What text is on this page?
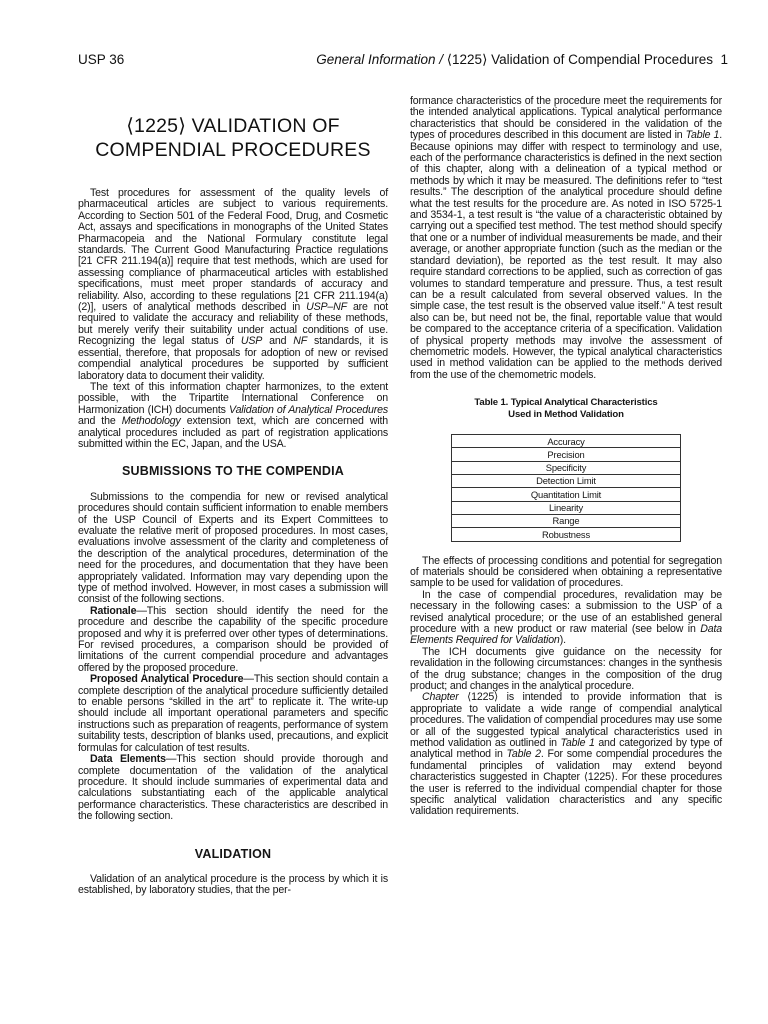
USP 36	General Information / ⟨1225⟩ Validation of Compendial Procedures 1
⟨1225⟩ VALIDATION OF
COMPENDIAL PROCEDURES

Test procedures for assessment of the quality levels of pharmaceutical articles are subject to various requirements. According to Section 501 of the Federal Food, Drug, and Cosmetic Act, assays and specifications in monographs of the United States Pharmacopeia and the National Formulary constitute legal standards. The Current Good Manufacturing Practice regulations [21 CFR 211.194(a)] require that test methods, which are used for assessing compliance of pharmaceutical articles with established specifications, must meet proper standards of accuracy and reliability. Also, according to these regulations [21 CFR 211.194(a)(2)], users of analytical methods described in USP–NF are not required to validate the accuracy and reliability of these methods, but merely verify their suitability under actual conditions of use. Recognizing the legal status of USP and NF standards, it is essential, therefore, that proposals for adoption of new or revised compendial analytical procedures be supported by sufficient laboratory data to document their validity.

The text of this information chapter harmonizes, to the extent possible, with the Tripartite International Conference on Harmonization (ICH) documents Validation of Analytical Procedures and the Methodology extension text, which are concerned with analytical procedures included as part of registration applications submitted within the EC, Japan, and the USA.

SUBMISSIONS TO THE COMPENDIA

Submissions to the compendia for new or revised analytical procedures should contain sufficient information to enable members of the USP Council of Experts and its Expert Committees to evaluate the relative merit of proposed procedures. In most cases, evaluations involve assessment of the clarity and completeness of the description of the analytical procedures, determination of the need for the procedures, and documentation that they have been appropriately validated. Information may vary depending upon the type of method involved. However, in most cases a submission will consist of the following sections.

Rationale—This section should identify the need for the procedure and describe the capability of the specific procedure proposed and why it is preferred over other types of determinations. For revised procedures, a comparison should be provided of limitations of the current compendial procedure and advantages offered by the proposed procedure.

Proposed Analytical Procedure—This section should contain a complete description of the analytical procedure sufficiently detailed to enable persons “skilled in the art” to replicate it. The write-up should include all important operational parameters and specific instructions such as preparation of reagents, performance of system suitability tests, description of blanks used, precautions, and explicit formulas for calculation of test results.

Data Elements—This section should provide thorough and complete documentation of the validation of the analytical procedure. It should include summaries of experimental data and calculations substantiating each of the applicable analytical performance characteristics. These characteristics are described in the following section.

VALIDATION

Validation of an analytical procedure is the process by which it is established, by laboratory studies, that the per-

formance characteristics of the procedure meet the requirements for the intended analytical applications. Typical analytical performance characteristics that should be considered in the validation of the types of procedures described in this document are listed in Table 1. Because opinions may differ with respect to terminology and use, each of the performance characteristics is defined in the next section of this chapter, along with a delineation of a typical method or methods by which it may be measured. The definitions refer to “test results.” The description of the analytical procedure should define what the test results for the procedure are. As noted in ISO 5725-1 and 3534-1, a test result is “the value of a characteristic obtained by carrying out a specified test method. The test method should specify that one or a number of individual measurements be made, and their average, or another appropriate function (such as the median or the standard deviation), be reported as the test result. It may also require standard corrections to be applied, such as correction of gas volumes to standard temperature and pressure. Thus, a test result can be a result calculated from several observed values. In the simple case, the test result is the observed value itself.” A test result also can be, but need not be, the final, reportable value that would be compared to the acceptance criteria of a specification. Validation of physical property methods may involve the assessment of chemometric models. However, the typical analytical characteristics used in method validation can be applied to the methods derived from the use of the chemometric models.

Table 1. Typical Analytical Characteristics
Used in Method Validation
Accuracy
Precision
Specificity
Detection Limit
Quantitation Limit
Linearity
Range
Robustness

The effects of processing conditions and potential for segregation of materials should be considered when obtaining a representative sample to be used for validation of procedures.

In the case of compendial procedures, revalidation may be necessary in the following cases: a submission to the USP of a revised analytical procedure; or the use of an established general procedure with a new product or raw material (see below in Data Elements Required for Validation).

The ICH documents give guidance on the necessity for revalidation in the following circumstances: changes in the synthesis of the drug substance; changes in the composition of the drug product; and changes in the analytical procedure.

Chapter ⟨1225⟩ is intended to provide information that is appropriate to validate a wide range of compendial analytical procedures. The validation of compendial procedures may use some or all of the suggested typical analytical characteristics used in method validation as outlined in Table 1 and categorized by type of analytical method in Table 2. For some compendial procedures the fundamental principles of validation may extend beyond characteristics suggested in Chapter ⟨1225⟩. For these procedures the user is referred to the individual compendial chapter for those specific analytical validation characteristics and any specific validation requirements.
